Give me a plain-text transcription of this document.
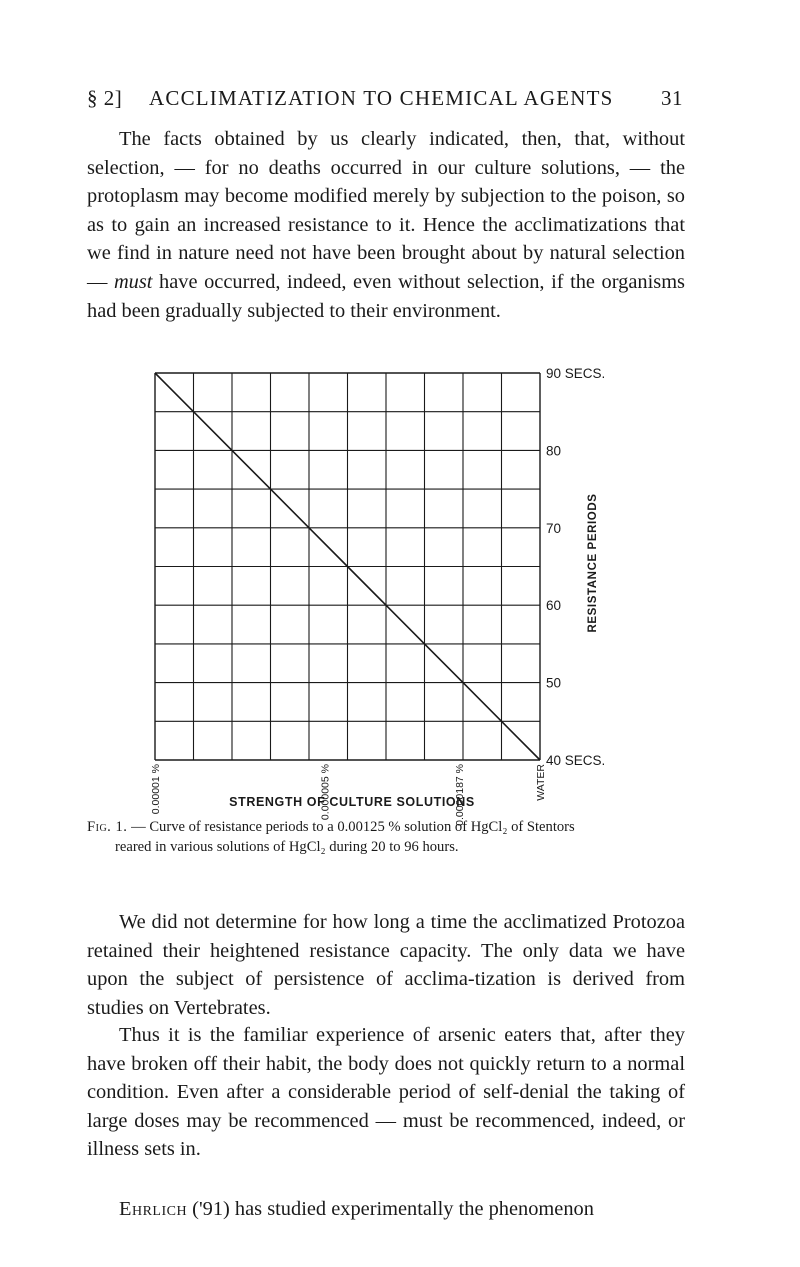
§ 2] ACCLIMATIZATION TO CHEMICAL AGENTS 31

The facts obtained by us clearly indicated, then, that, without selection, — for no deaths occurred in our culture solutions, — the protoplasm may become modified merely by subjection to the poison, so as to gain an increased resistance to it. Hence the acclimatizations that we find in nature need not have been brought about by natural selection — must have occurred, indeed, even without selection, if the organisms had been gradually subjected to their environment.

90 SECS.
80
70
60
50
40 SECS.
0.00001 %	0.000005 %	0.0000187 %	WATER
RESISTANCE PERIODS
STRENGTH OF CULTURE SOLUTIONS

Fig. 1. — Curve of resistance periods to a 0.00125 % solution of HgCl₂ of Stentors
reared in various solutions of HgCl₂ during 20 to 96 hours.

We did not determine for how long a time the acclimatized Protozoa retained their heightened resistance capacity. The only data we have upon the subject of persistence of acclima-tization is derived from studies on Vertebrates.

Thus it is the familiar experience of arsenic eaters that, after they have broken off their habit, the body does not quickly return to a normal condition. Even after a considerable period of self-denial the taking of large doses may be recommenced — must be recommenced, indeed, or illness sets in.

Ehrlich ('91) has studied experimentally the phenomenon
